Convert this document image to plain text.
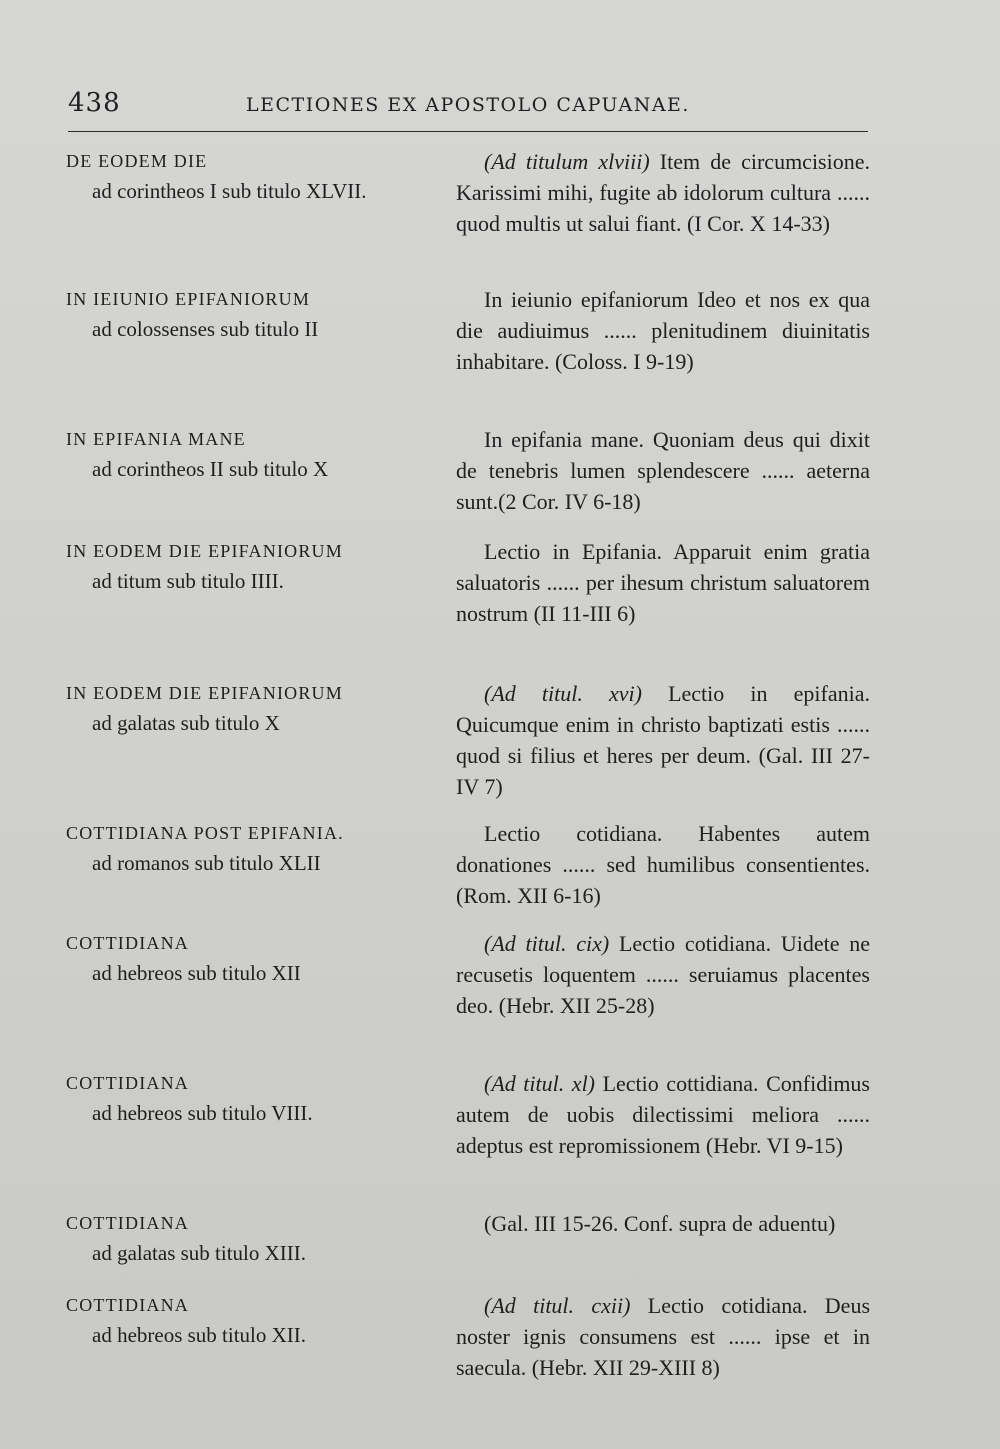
438	LECTIONES EX APOSTOLO CAPUANAE.
DE EODEM DIE
ad corintheos I sub titulo XLVII.
(Ad titulum xlviii) Item de circumcisione. Karissimi mihi, fugite ab idolorum cultura ...... quod multis ut salui fiant. (I Cor. X 14-33)
IN IEIUNIO EPIFANIORUM
ad colossenses sub titulo II
In ieiunio epifaniorum Ideo et nos ex qua die audiuimus ...... plenitudinem diuinitatis inhabitare. (Coloss. I 9-19)
IN EPIFANIA MANE
ad corintheos II sub titulo X
In epifania mane. Quoniam deus qui dixit de tenebris lumen splendescere ...... aeterna sunt.(2 Cor. IV 6-18)
IN EODEM DIE EPIFANIORUM
ad titum sub titulo IIII.
Lectio in Epifania. Apparuit enim gratia saluatoris ...... per ihesum christum saluatorem nostrum (II 11-III 6)
IN EODEM DIE EPIFANIORUM
ad galatas sub titulo X
(Ad titul. xvi) Lectio in epifania. Quicumque enim in christo baptizati estis ...... quod si filius et heres per deum. (Gal. III 27-IV 7)
COTTIDIANA POST EPIFANIA.
ad romanos sub titulo XLII
Lectio cotidiana. Habentes autem donationes ...... sed humilibus consentientes. (Rom. XII 6-16)
COTTIDIANA
ad hebreos sub titulo XII
(Ad titul. cix) Lectio cotidiana. Uidete ne recusetis loquentem ...... seruiamus placentes deo. (Hebr. XII 25-28)
COTTIDIANA
ad hebreos sub titulo VIII.
(Ad titul. xl) Lectio cottidiana. Confidimus autem de uobis dilectissimi meliora ...... adeptus est repromissionem (Hebr. VI 9-15)
COTTIDIANA
ad galatas sub titulo XIII.
(Gal. III 15-26. Conf. supra de aduentu)
COTTIDIANA
ad hebreos sub titulo XII.
(Ad titul. cxii) Lectio cotidiana. Deus noster ignis consumens est ...... ipse et in saecula. (Hebr. XII 29-XIII 8)
